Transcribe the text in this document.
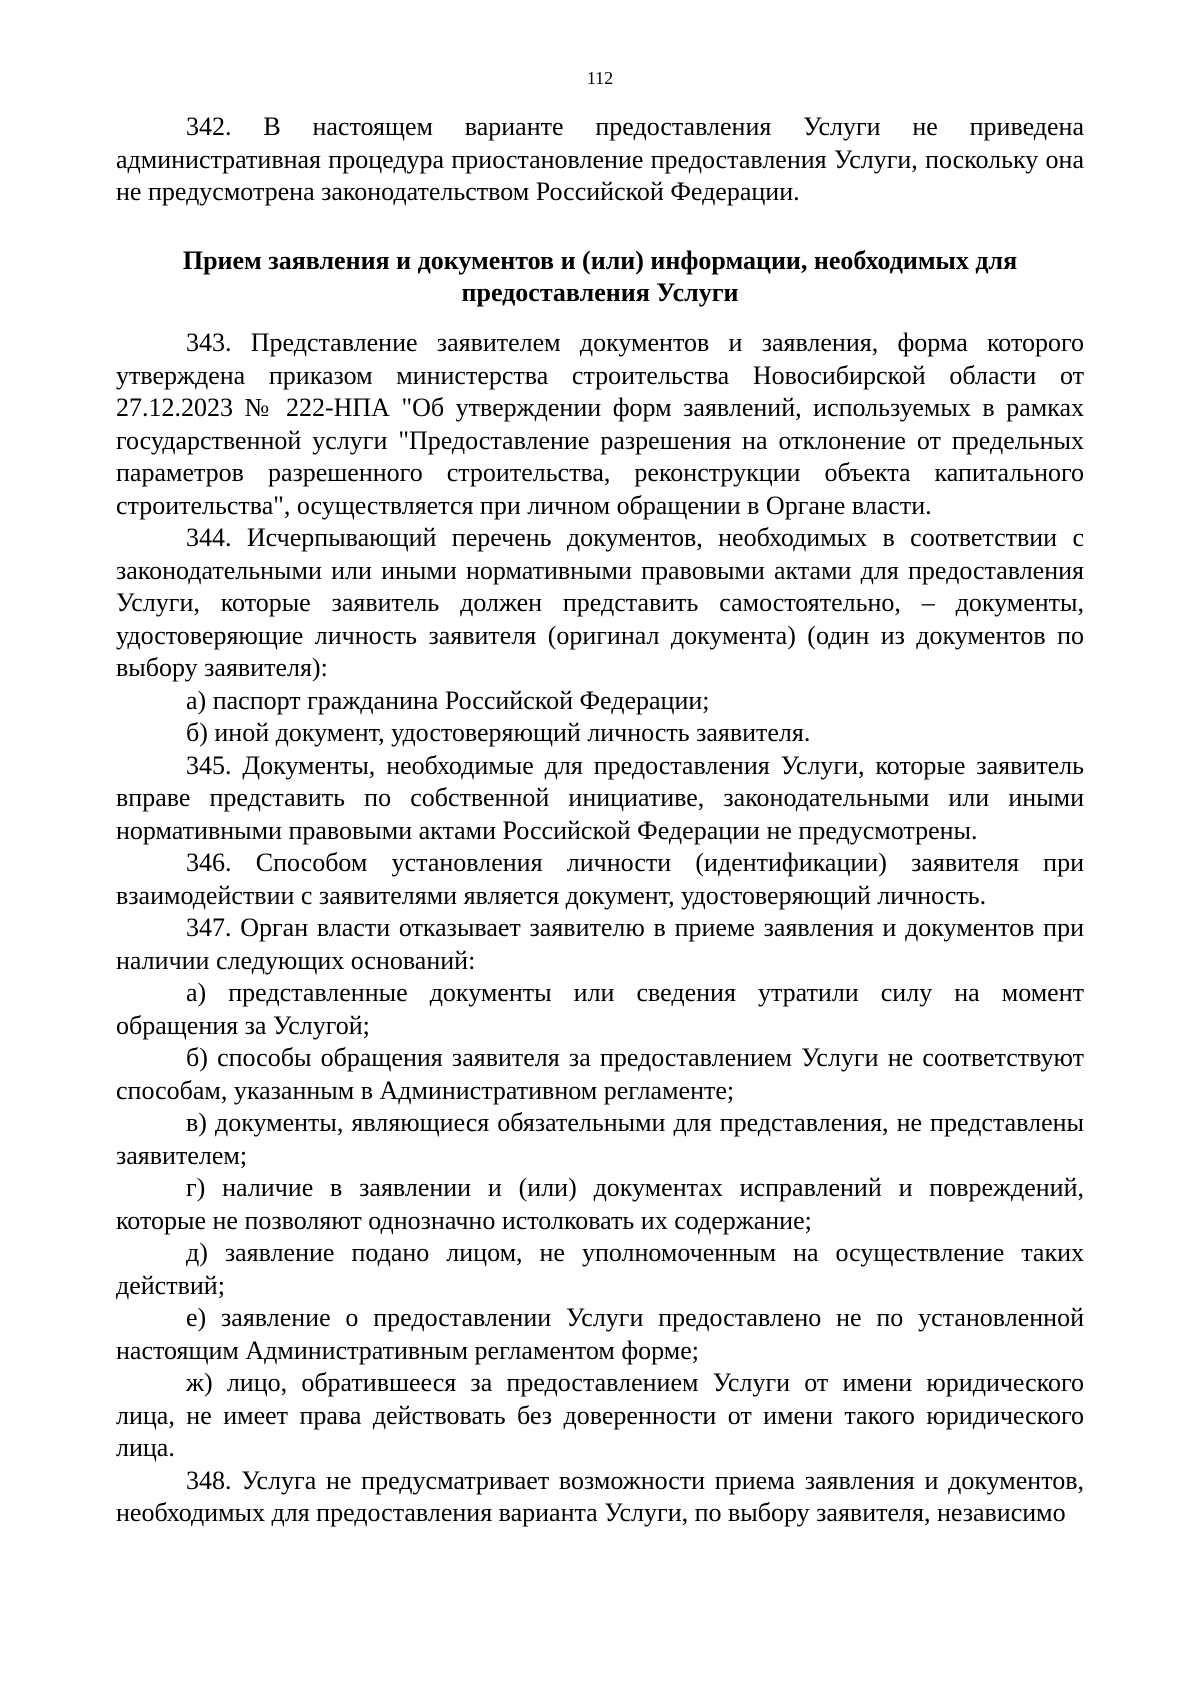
112

342. В настоящем варианте предоставления Услуги не приведена административная процедура приостановление предоставления Услуги, поскольку она не предусмотрена законодательством Российской Федерации.

Прием заявления и документов и (или) информации, необходимых для

предоставления Услуги

343. Представление заявителем документов и заявления, форма которого утверждена приказом министерства строительства Новосибирской области от 27.12.2023 № 222-НПА "Об утверждении форм заявлений, используемых в рамках государственной услуги "Предоставление разрешения на отклонение от предельных параметров разрешенного строительства, реконструкции объекта капитального строительства", осуществляется при личном обращении в Органе власти.

344. Исчерпывающий перечень документов, необходимых в соответствии с законодательными или иными нормативными правовыми актами для предоставления Услуги, которые заявитель должен представить самостоятельно, – документы, удостоверяющие личность заявителя (оригинал документа) (один из документов по выбору заявителя):

а) паспорт гражданина Российской Федерации;

б) иной документ, удостоверяющий личность заявителя.

345. Документы, необходимые для предоставления Услуги, которые заявитель вправе представить по собственной инициативе, законодательными или иными нормативными правовыми актами Российской Федерации не предусмотрены.

346. Способом установления личности (идентификации) заявителя при взаимодействии с заявителями является документ, удостоверяющий личность.

347. Орган власти отказывает заявителю в приеме заявления и документов при наличии следующих оснований:

а) представленные документы или сведения утратили силу на момент обращения за Услугой;

б) способы обращения заявителя за предоставлением Услуги не соответствуют способам, указанным в Административном регламенте;

в) документы, являющиеся обязательными для представления, не представлены заявителем;

г) наличие в заявлении и (или) документах исправлений и повреждений, которые не позволяют однозначно истолковать их содержание;

д) заявление подано лицом, не уполномоченным на осуществление таких действий;

е) заявление о предоставлении Услуги предоставлено не по установленной настоящим Административным регламентом форме;

ж) лицо, обратившееся за предоставлением Услуги от имени юридического лица, не имеет права действовать без доверенности от имени такого юридического лица.

348. Услуга не предусматривает возможности приема заявления и документов, необходимых для предоставления варианта Услуги, по выбору заявителя, независимо
